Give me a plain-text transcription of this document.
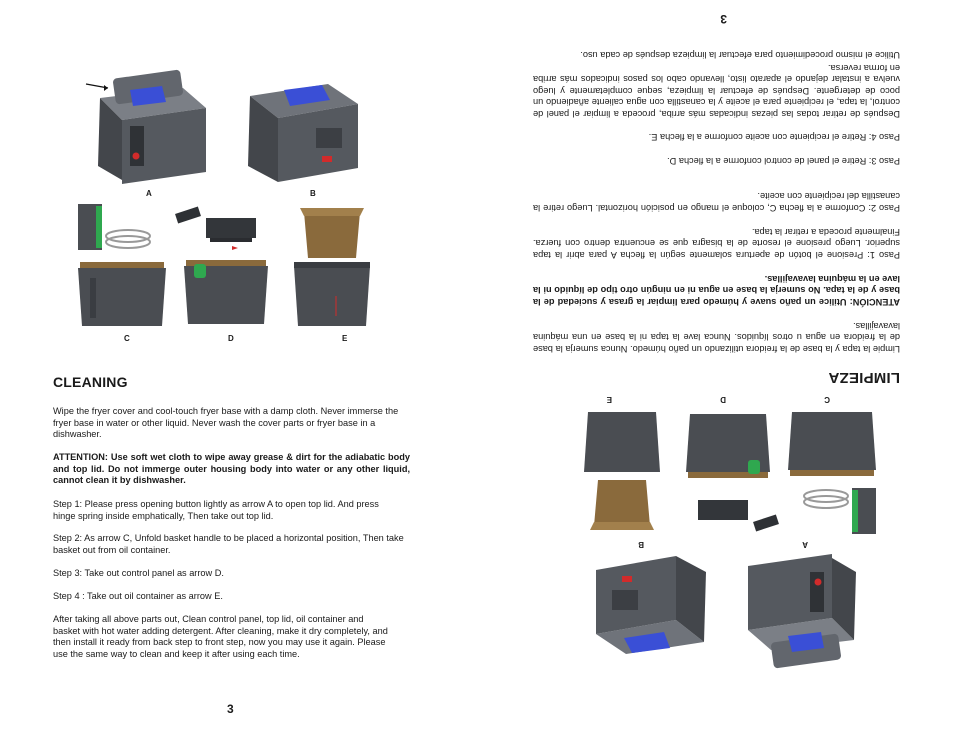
A	B
C	D	E
CLEANING

Wipe the fryer cover and cool-touch fryer base with a damp cloth. Never immerse the fryer base in water or other liquid. Never wash the cover parts or fryer base in a dishwasher.

ATTENTION: Use soft wet cloth to wipe away grease & dirt for the adiabatic body and top lid. Do not immerge outer housing body into water or any other liquid, cannot clean it by dishwasher.

Step 1: Please press opening button lightly as arrow A to open top lid. And press hinge spring inside emphatically, Then take out top lid.

Step 2: As arrow C, Unfold basket handle to be placed a horizontal position, Then take basket out from oil container.

Step 3: Take out control panel as arrow D.

Step 4 : Take out oil container as arrow E.

After taking all above parts out, Clean control panel, top lid, oil container and basket with hot water adding detergent. After cleaning, make it dry completely, and then install it ready from back step to front step, now you may use it again. Please use the same way to clean and keep it after using each time.

3
A
B
C
D
E
LIMPIEZA

Limpie la tapa y la base de la freidora utilizando un paño húmedo. Nunca sumerja la base de la freidora en agua u otros líquidos. Nunca lave la tapa ni la base en una máquina lavavajillas.

ATENCIÓN: Utilice un paño suave y húmedo para limpiar la grasa y suciedad de la base y de la tapa. No sumerja la base en agua ni en ningún otro tipo de líquido ni la lave en la máquina lavavajillas.

Paso 1: Presione el botón de apertura solamente según la flecha A para abrir la tapa superior. Luego presione el resorte de la bisagra que se encuentra dentro con fuerza. Finalmente proceda a retirar la tapa.

Paso 2: Conforme a la flecha C, coloque el mango en posición horizontal. Luego retire la canastilla del recipiente con aceite.

Paso 3: Retire el panel de control conforme a la flecha D.

Paso 4: Retire el recipiente con aceite conforme a la flecha E.

Después de retirar todas las piezas indicadas más arriba, proceda a limpiar el panel de control, la tapa, el recipiente para el aceite y la canastilla con agua caliente añadiendo un poco de detergente. Después de efectuar la limpieza, seque completamente y luego vuelva a instalar dejando el aparato listo, llevando cabo los pasos indicados más arriba en forma reversa.

Utilice el mismo procedimiento para efectuar la limpieza después de cada uso.

3
